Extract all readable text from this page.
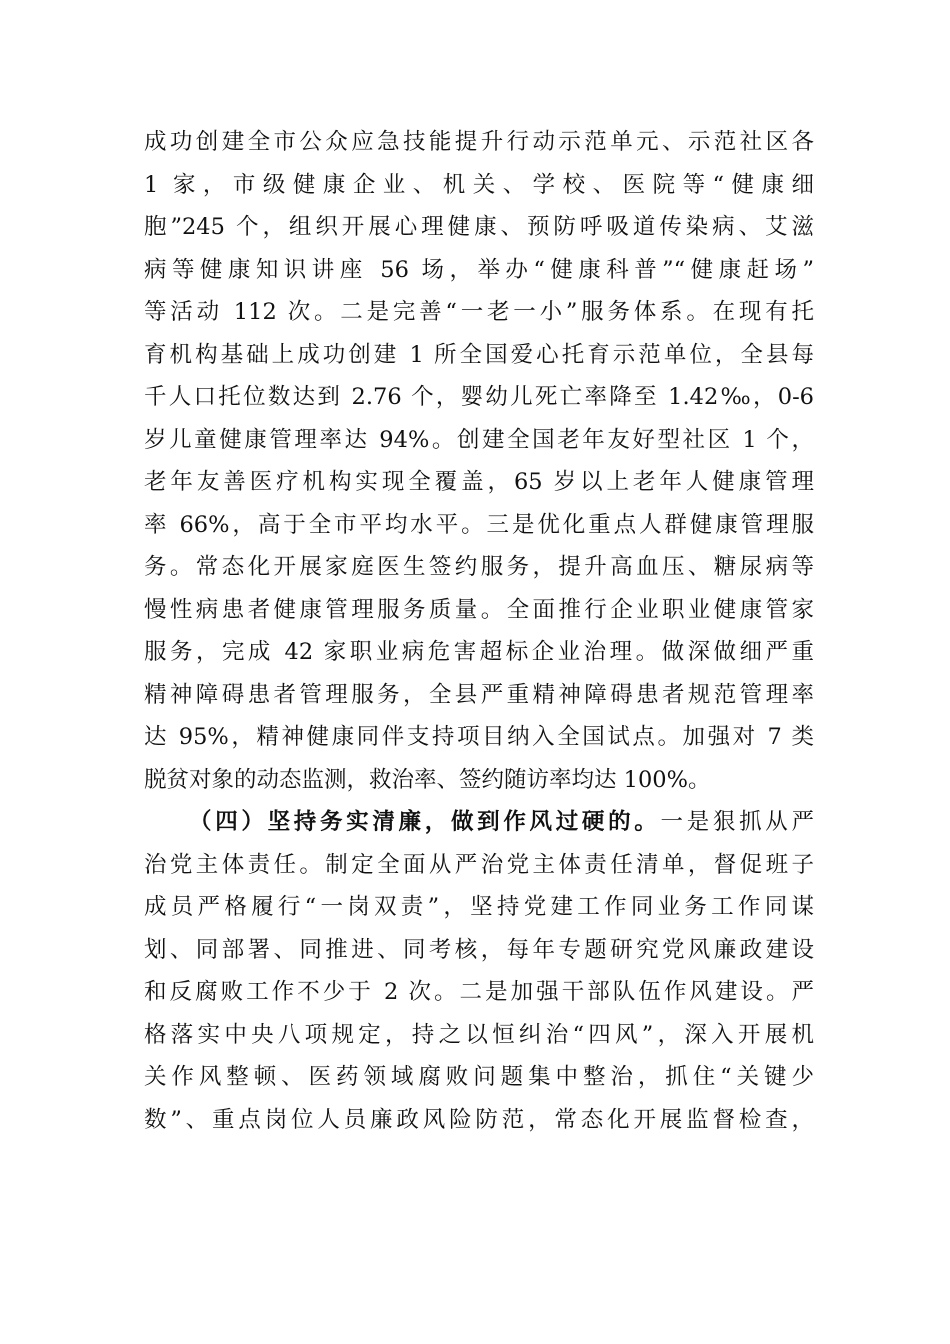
成功创建全市公众应急技能提升行动示范单元、示范社区各
1 家，市级健康企业、机关、学校、医院等“健康细
胞”245 个，组织开展心理健康、预防呼吸道传染病、艾滋
病等健康知识讲座 56 场，举办“健康科普”“健康赶场”
等活动 112 次。二是完善“一老一小”服务体系。在现有托
育机构基础上成功创建 1 所全国爱心托育示范单位，全县每
千人口托位数达到 2.76 个，婴幼儿死亡率降至 1.42‰，0-6
岁儿童健康管理率达 94%。创建全国老年友好型社区 1 个，
老年友善医疗机构实现全覆盖，65 岁以上老年人健康管理
率 66%，高于全市平均水平。三是优化重点人群健康管理服
务。常态化开展家庭医生签约服务，提升高血压、糖尿病等
慢性病患者健康管理服务质量。全面推行企业职业健康管家
服务，完成 42 家职业病危害超标企业治理。做深做细严重
精神障碍患者管理服务，全县严重精神障碍患者规范管理率
达 95%，精神健康同伴支持项目纳入全国试点。加强对 7 类
脱贫对象的动态监测，救治率、签约随访率均达 100%。
（四）坚持务实清廉，做到作风过硬的。一是狠抓从严
治党主体责任。制定全面从严治党主体责任清单，督促班子
成员严格履行“一岗双责”，坚持党建工作同业务工作同谋
划、同部署、同推进、同考核，每年专题研究党风廉政建设
和反腐败工作不少于 2 次。二是加强干部队伍作风建设。严
格落实中央八项规定，持之以恒纠治“四风”，深入开展机
关作风整顿、医药领域腐败问题集中整治，抓住“关键少
数”、重点岗位人员廉政风险防范，常态化开展监督检查，
